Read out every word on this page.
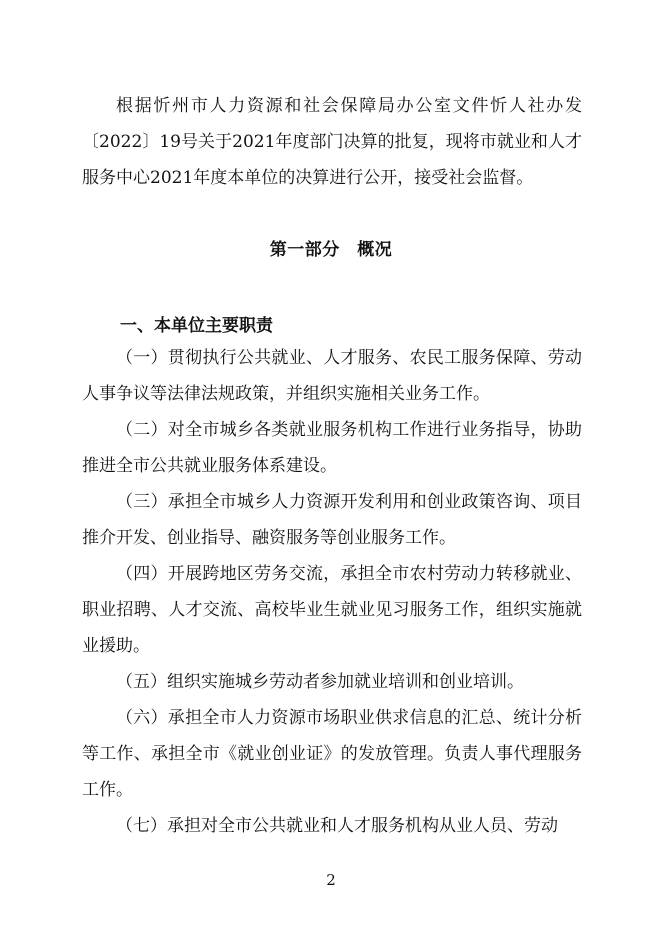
根据忻州市人力资源和社会保障局办公室文件忻人社办发〔2022〕19号关于2021年度部门决算的批复，现将市就业和人才服务中心2021年度本单位的决算进行公开，接受社会监督。

第一部分　概况
一、本单位主要职责

（一）贯彻执行公共就业、人才服务、农民工服务保障、劳动人事争议等法律法规政策，并组织实施相关业务工作。

（二）对全市城乡各类就业服务机构工作进行业务指导，协助推进全市公共就业服务体系建设。

（三）承担全市城乡人力资源开发利用和创业政策咨询、项目推介开发、创业指导、融资服务等创业服务工作。

（四）开展跨地区劳务交流，承担全市农村劳动力转移就业、职业招聘、人才交流、高校毕业生就业见习服务工作，组织实施就业援助。

（五）组织实施城乡劳动者参加就业培训和创业培训。

（六）承担全市人力资源市场职业供求信息的汇总、统计分析等工作、承担全市《就业创业证》的发放管理。负责人事代理服务工作。

（七）承担对全市公共就业和人才服务机构从业人员、劳动

2
